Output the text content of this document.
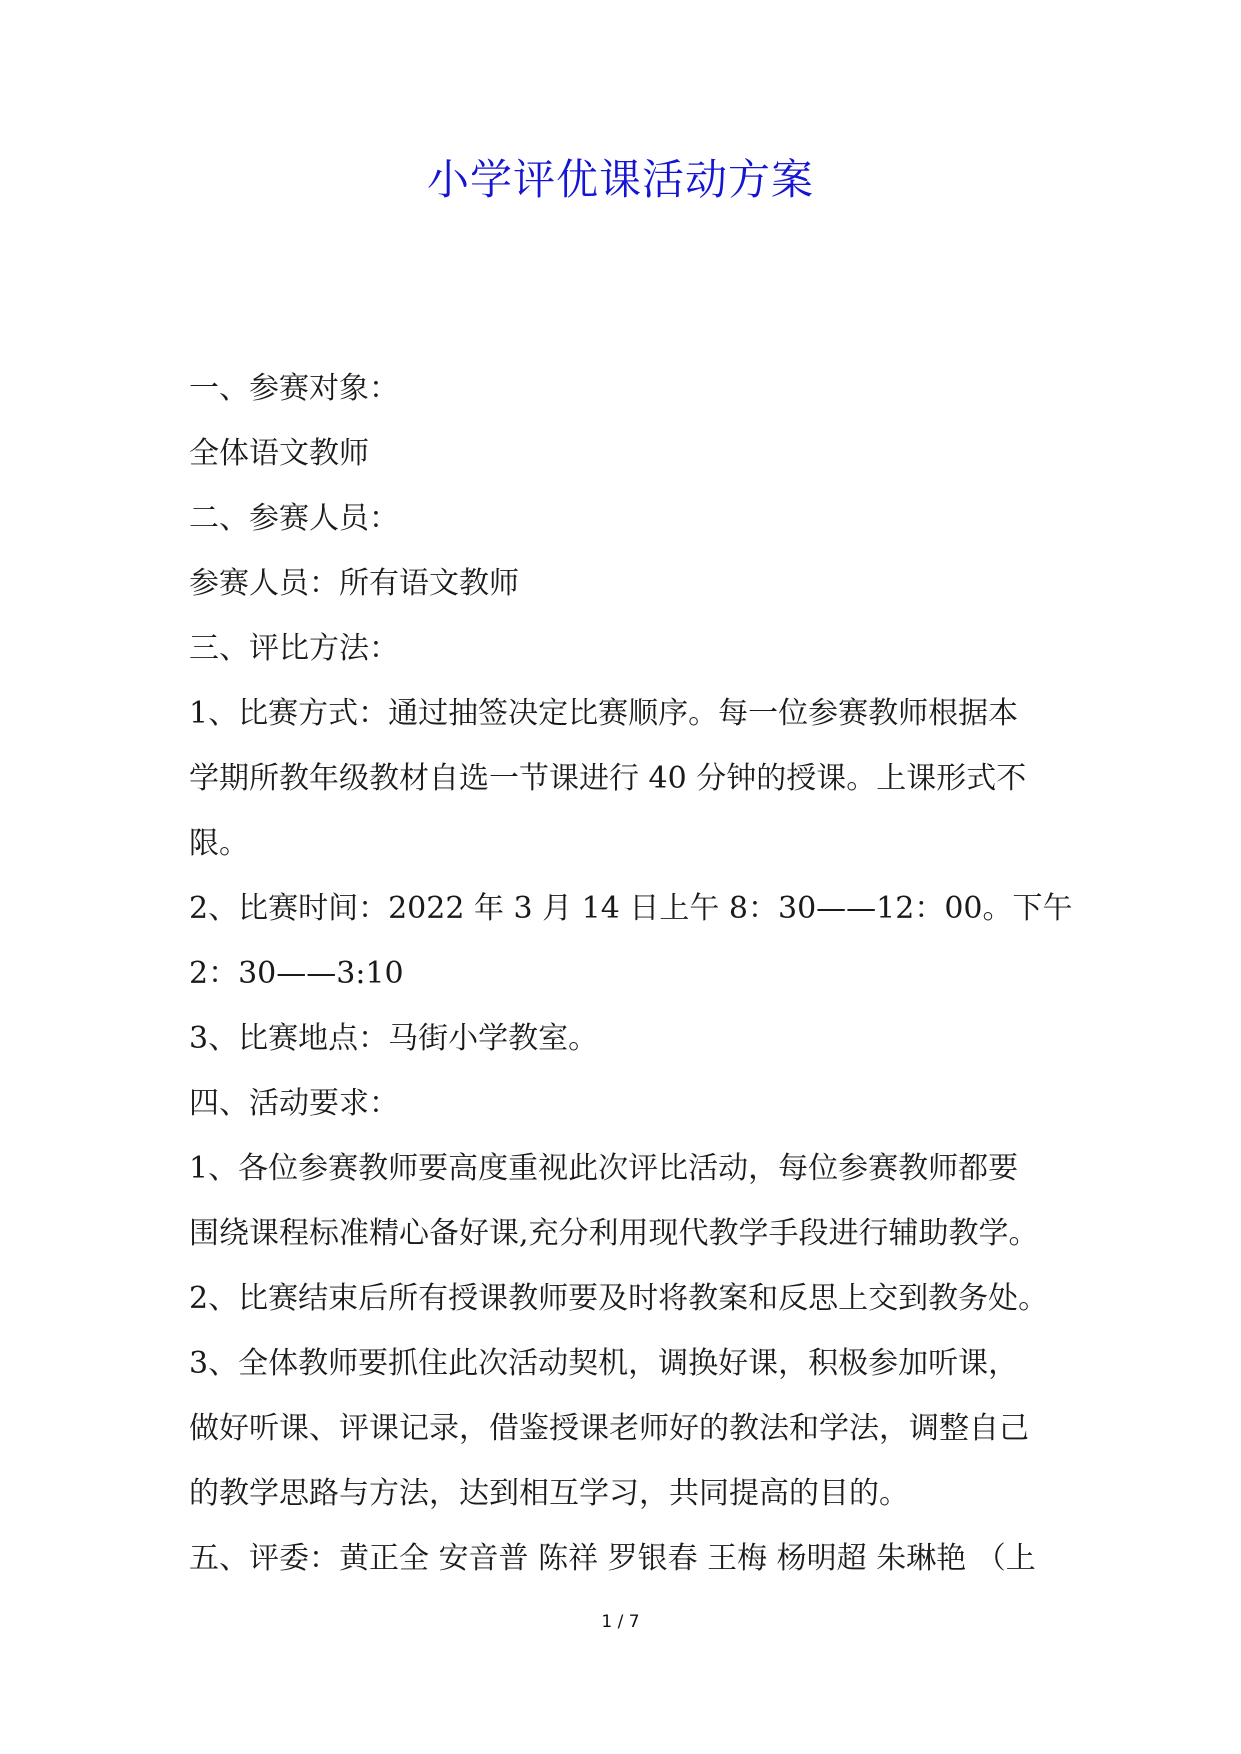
小学评优课活动方案
一、参赛对象：
全体语文教师
二、参赛人员：
参赛人员：所有语文教师
三、评比方法：
1、比赛方式：通过抽签决定比赛顺序。每一位参赛教师根据本
学期所教年级教材自选一节课进行 40 分钟的授课。上课形式不
限。
2、比赛时间：2022 年 3 月 14 日上午 8：30——12：00。下午
2：30——3:10
3、比赛地点：马街小学教室。
四、活动要求：
1、各位参赛教师要高度重视此次评比活动，每位参赛教师都要
围绕课程标准精心备好课,充分利用现代教学手段进行辅助教学。
2、比赛结束后所有授课教师要及时将教案和反思上交到教务处。
3、全体教师要抓住此次活动契机，调换好课，积极参加听课，
做好听课、评课记录，借鉴授课老师好的教法和学法，调整自己
的教学思路与方法，达到相互学习，共同提高的目的。
五、评委：黄正全 安音普 陈祥 罗银春 王梅 杨明超 朱琳艳 （上
1 / 7
